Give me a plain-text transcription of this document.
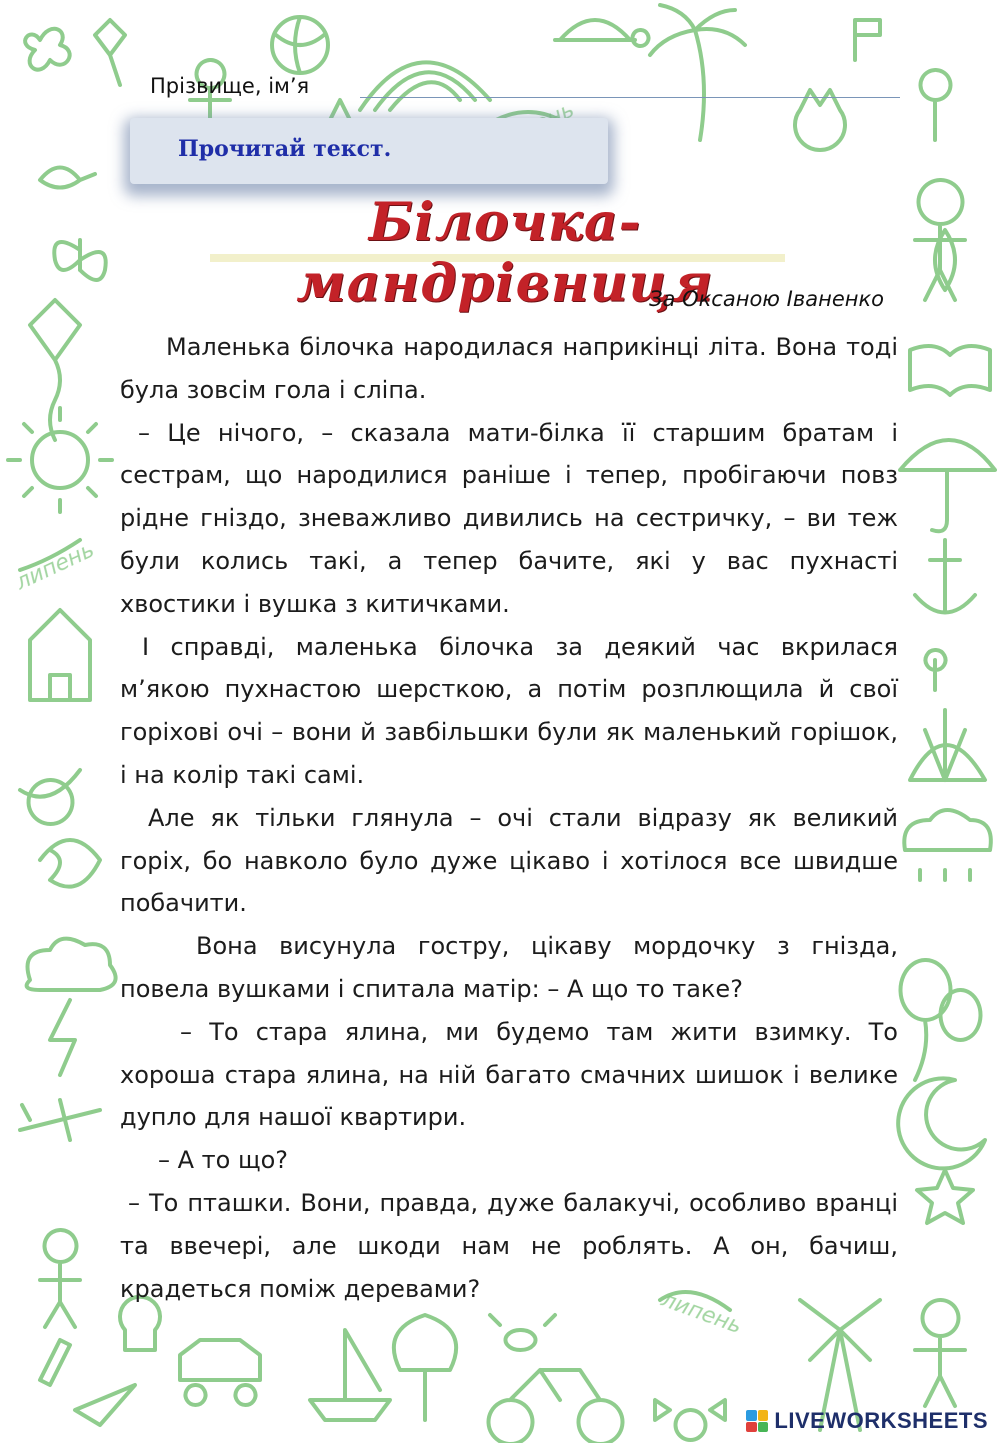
липень
липень
Прізвище, ім’я
Прочитай текст.
Білочка-мандрівниця
За Оксаною Іваненко

Маленька білочка народилася наприкінці літа. Вона тоді була зовсім гола і сліпа.

– Це нічого, – сказала мати-білка її старшим братам і сестрам, що народилися раніше і тепер, пробігаючи повз рідне гніздо, зневажливо дивились на сестричку, – ви теж були колись такі, а тепер бачите, які у вас пухнасті хвостики і вушка з китичками.

І справді, маленька білочка за деякий час вкрилася м’якою пухнастою шерсткою, а потім розплющила й свої горіхові очі – вони й завбільшки були як маленький горішок, і на колір такі самі.

Але як тільки глянула – очі стали відразу як великий горіх, бо навколо було дуже цікаво і хотілося все швидше побачити.

Вона висунула гостру, цікаву мордочку з гнізда, повела вушками і спитала матір: – А що то таке?

– То стара ялина, ми будемо там жити взимку. То хороша стара ялина, на ній багато смачних шишок і велике дупло для нашої квартири.

– А то що?

– То пташки. Вони, правда, дуже балакучі, особливо вранці та ввечері, але шкоди нам не роблять. А он, бачиш, крадеться поміж деревами?

LIVEWORKSHEETS
